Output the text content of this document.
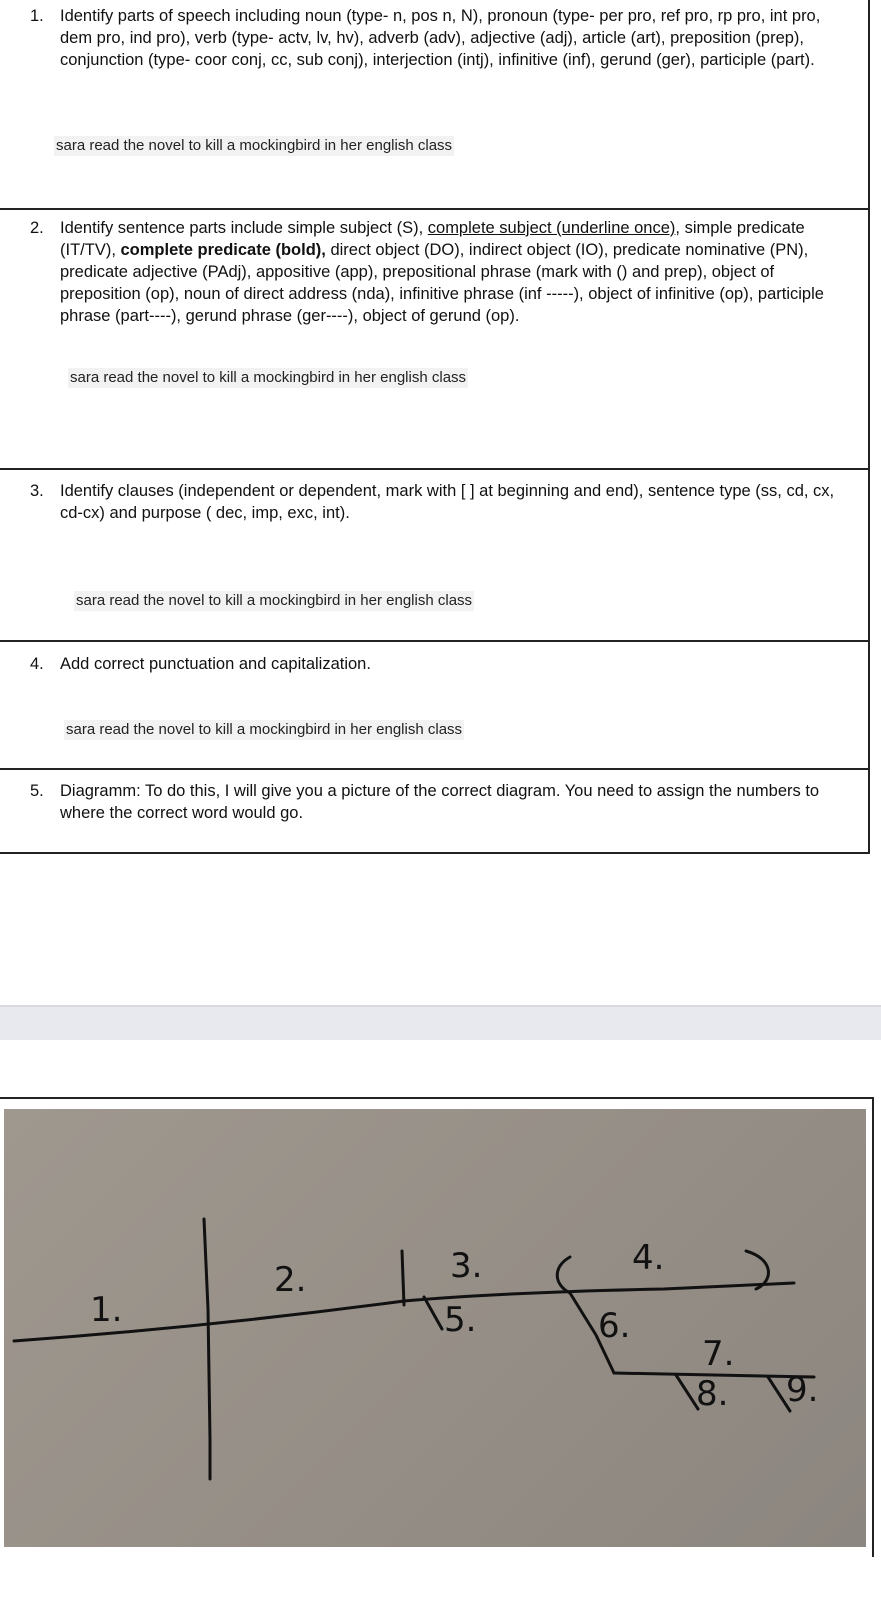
1. Identify parts of speech including noun (type- n, pos n, N), pronoun (type- per pro, ref pro, rp pro, int pro, dem pro, ind pro), verb (type- actv, lv, hv), adverb (adv), adjective (adj), article (art), preposition (prep), conjunction (type- coor conj, cc, sub conj), interjection (intj), infinitive (inf), gerund (ger), participle (part).
sara read the novel to kill a mockingbird in her english class
2. Identify sentence parts include simple subject (S), complete subject (underline once), simple predicate (IT/TV), complete predicate (bold), direct object (DO), indirect object (IO), predicate nominative (PN), predicate adjective (PAdj), appositive (app), prepositional phrase (mark with () and prep), object of preposition (op), noun of direct address (nda), infinitive phrase (inf -----), object of infinitive (op), participle phrase (part----), gerund phrase (ger----), object of gerund (op).
sara read the novel to kill a mockingbird in her english class
3. Identify clauses (independent or dependent, mark with [ ] at beginning and end), sentence type (ss, cd, cx, cd-cx) and purpose ( dec, imp, exc, int).
sara read the novel to kill a mockingbird in her english class
4. Add correct punctuation and capitalization.
sara read the novel to kill a mockingbird in her english class
5. Diagramm: To do this, I will give you a picture of the correct diagram. You need to assign the numbers to where the correct word would go.
1.
2.	3.	4.
5.	6.
7.
8. 9.
